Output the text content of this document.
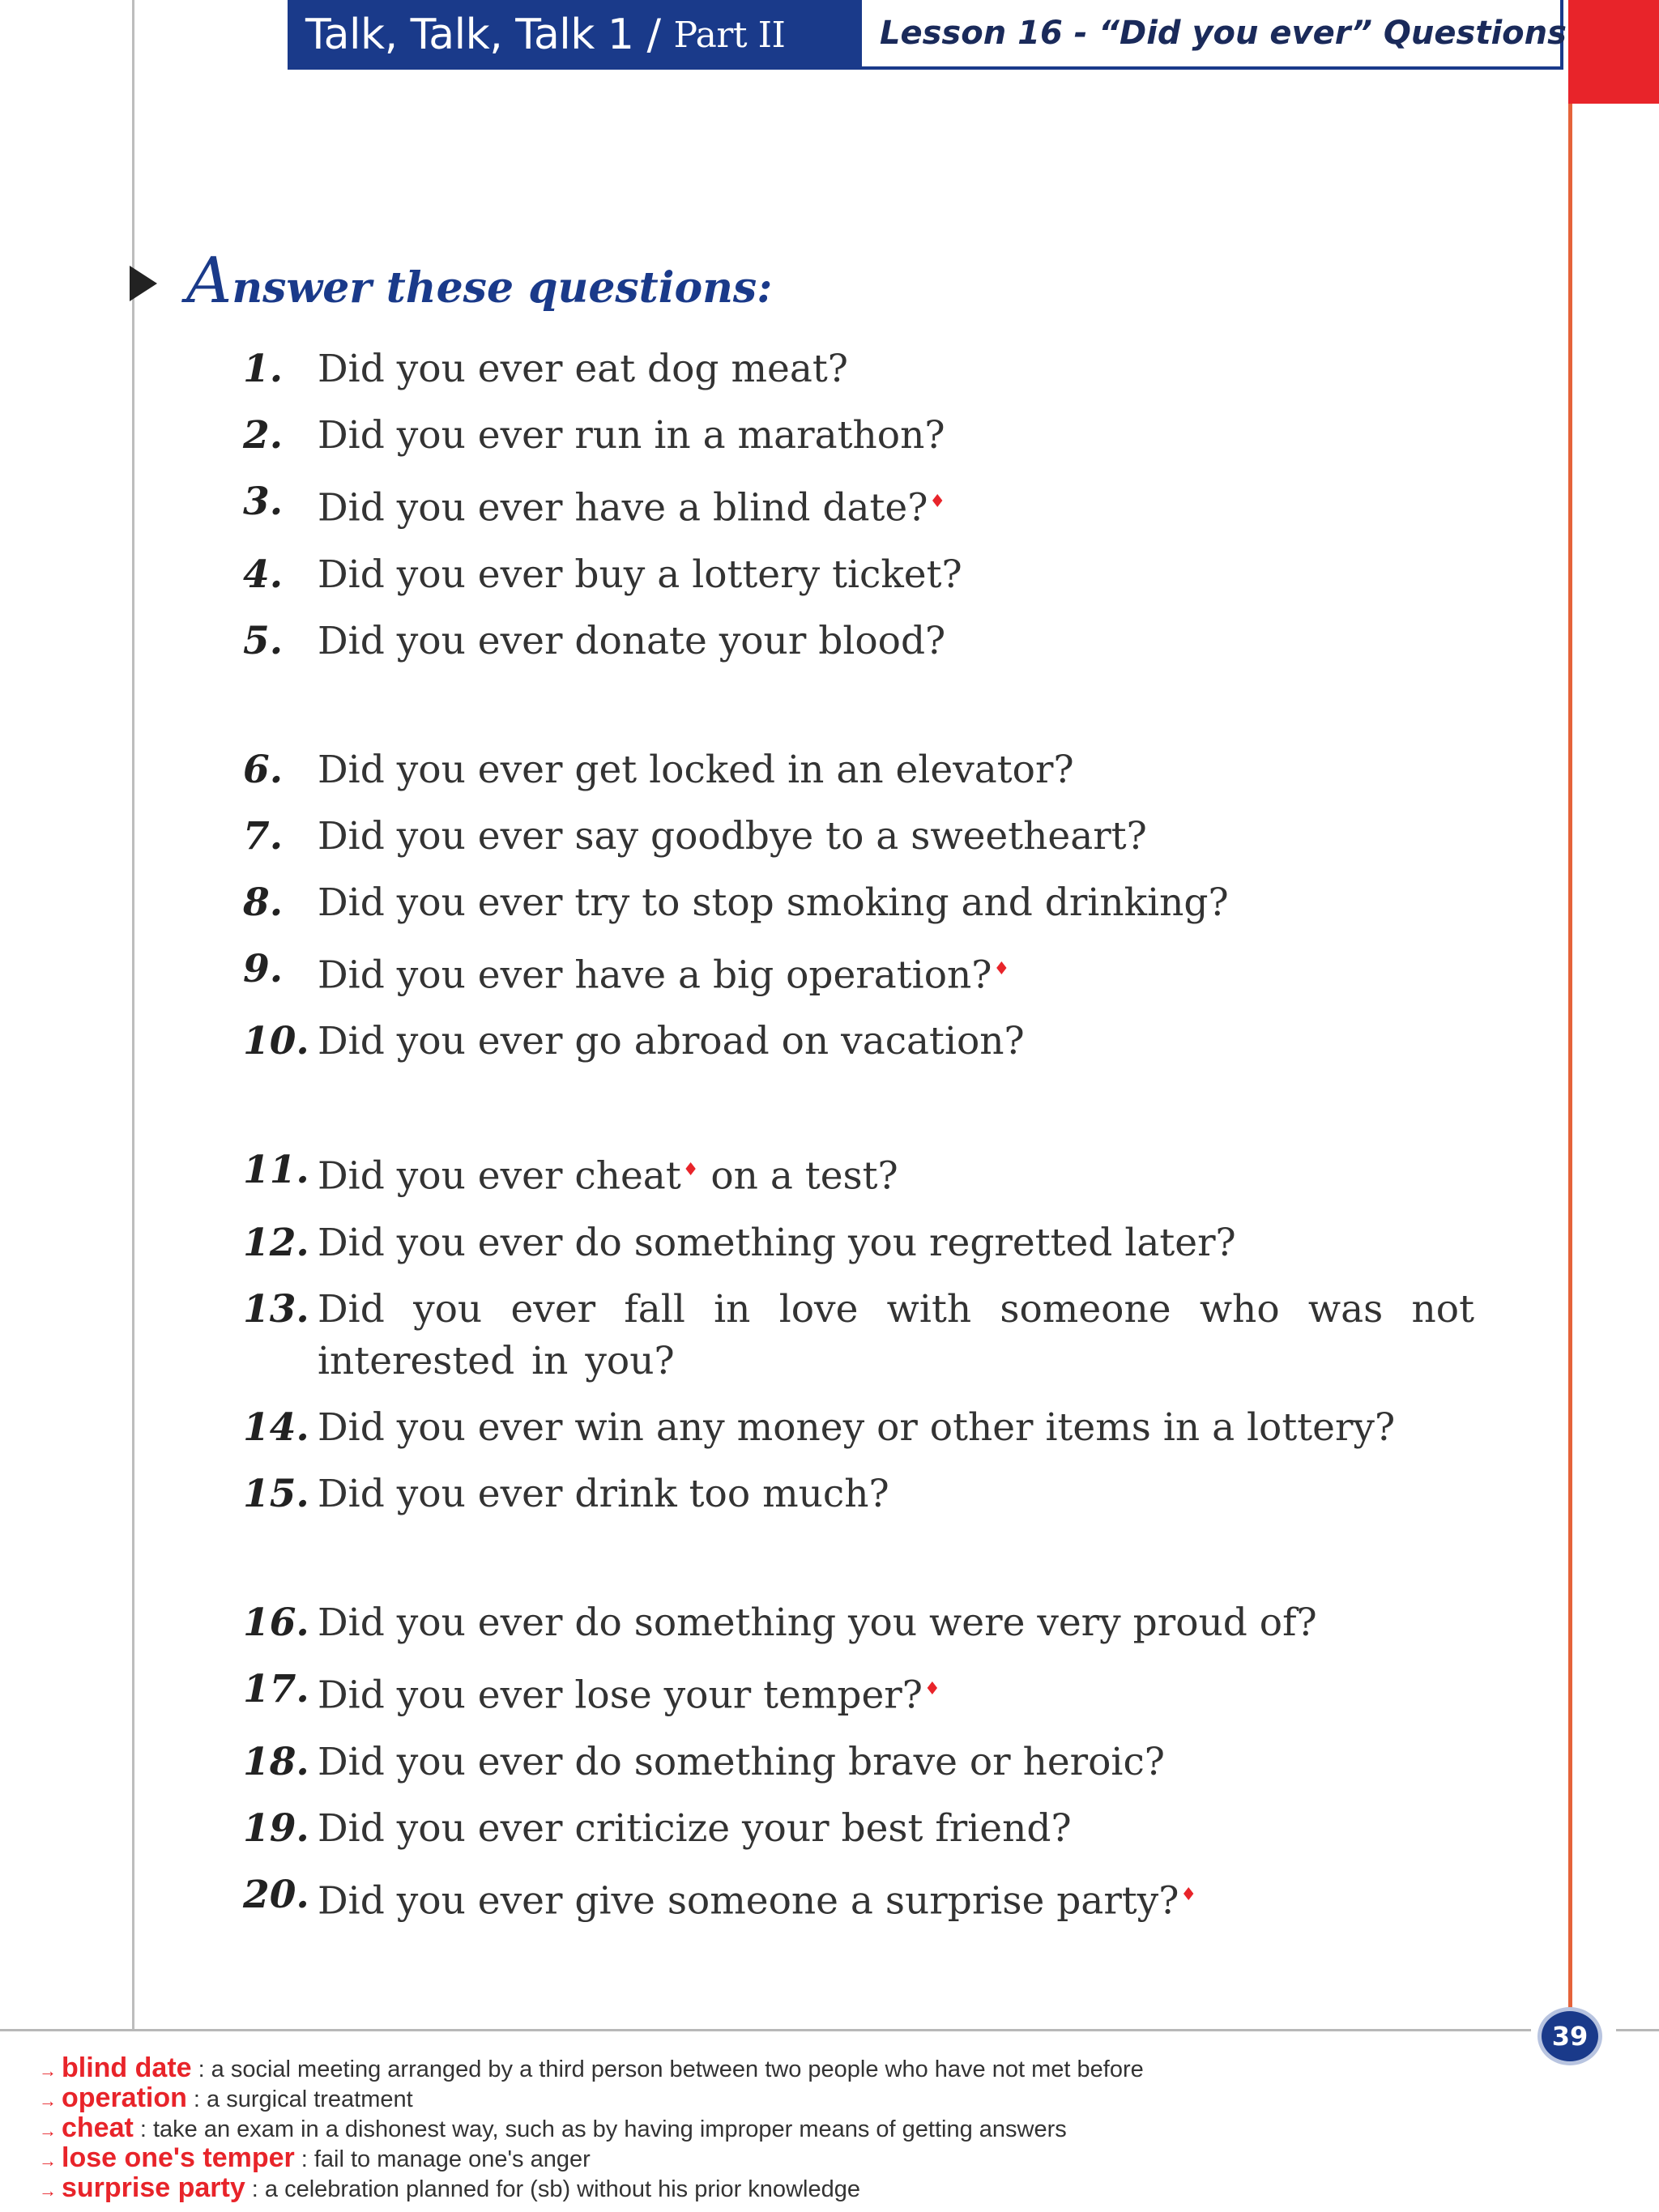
Talk, Talk, Talk 1 / Part II	Lesson 16 - “Did you ever” Questions
Answer these questions:
1. Did you ever eat dog meat?
2. Did you ever run in a marathon?
3. Did you ever have a blind date?♦
4. Did you ever buy a lottery ticket?
5. Did you ever donate your blood?
6. Did you ever get locked in an elevator?
7. Did you ever say goodbye to a sweetheart?
8. Did you ever try to stop smoking and drinking?
9. Did you ever have a big operation?♦
10. Did you ever go abroad on vacation?
11. Did you ever cheat♦ on a test?
12. Did you ever do something you regretted later?
13. Did you ever fall in love with someone who was not interested in you?
14. Did you ever win any money or other items in a lottery?
15. Did you ever drink too much?
16. Did you ever do something you were very proud of?
17. Did you ever lose your temper?♦
18. Did you ever do something brave or heroic?
19. Did you ever criticize your best friend?
20. Did you ever give someone a surprise party?♦
39
→ blind date : a social meeting arranged by a third person between two people who have not met before
→ operation : a surgical treatment
→ cheat : take an exam in a dishonest way, such as by having improper means of getting answers
→ lose one's temper : fail to manage one's anger
→ surprise party : a celebration planned for (sb) without his prior knowledge
